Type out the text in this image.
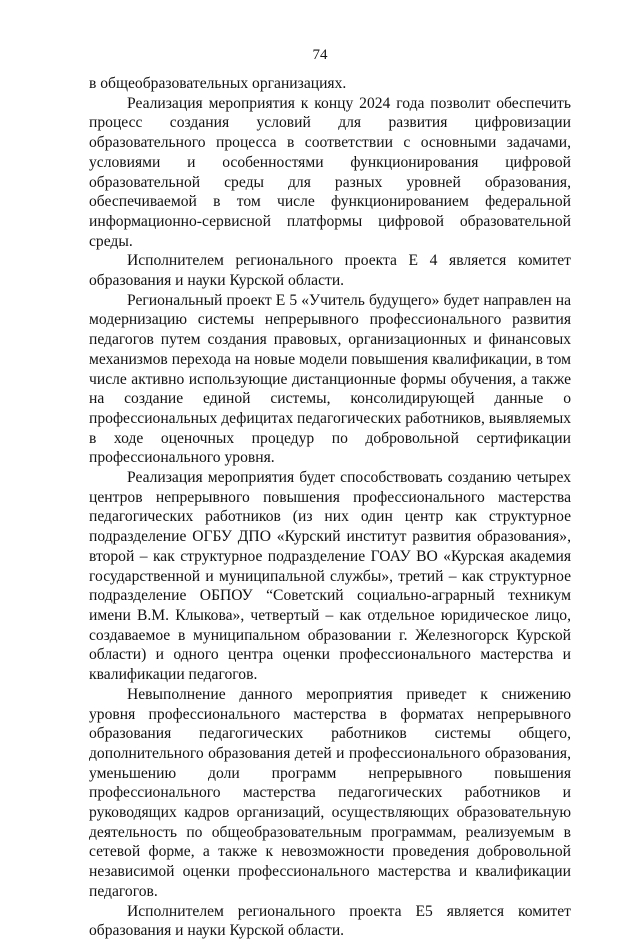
74

в общеобразовательных организациях.

Реализация мероприятия к концу 2024 года позволит обеспечить процесс создания условий для развития цифровизации образовательного процесса в соответствии с основными задачами, условиями и особенностями функционирования цифровой образовательной среды для разных уровней образования, обеспечиваемой в том числе функционированием федеральной информационно-сервисной платформы цифровой образовательной среды.

Исполнителем регионального проекта Е 4 является комитет образования и науки Курской области.

Региональный проект Е 5 «Учитель будущего» будет направлен на модернизацию системы непрерывного профессионального развития педагогов путем создания правовых, организационных и финансовых механизмов перехода на новые модели повышения квалификации, в том числе активно использующие дистанционные формы обучения, а также на создание единой системы, консолидирующей данные о профессиональных дефицитах педагогических работников, выявляемых в ходе оценочных процедур по добровольной сертификации профессионального уровня.

Реализация мероприятия будет способствовать созданию четырех центров непрерывного повышения профессионального мастерства педагогических работников (из них один центр как структурное подразделение ОГБУ ДПО «Курский институт развития образования», второй – как структурное подразделение ГОАУ ВО «Курская академия государственной и муниципальной службы», третий – как структурное подразделение ОБПОУ “Советский социально-аграрный техникум имени В.М. Клыкова», четвертый – как отдельное юридическое лицо, создаваемое в муниципальном образовании г. Железногорск Курской области) и одного центра оценки профессионального мастерства и квалификации педагогов.

Невыполнение данного мероприятия приведет к снижению уровня профессионального мастерства в форматах непрерывного образования педагогических работников системы общего, дополнительного образования детей и профессионального образования, уменьшению доли программ непрерывного повышения профессионального мастерства педагогических работников и руководящих кадров организаций, осуществляющих образовательную деятельность по общеобразовательным программам, реализуемым в сетевой форме, а также к невозможности проведения добровольной независимой оценки профессионального мастерства и квалификации педагогов.

Исполнителем регионального проекта Е5 является комитет образования и науки Курской области.
